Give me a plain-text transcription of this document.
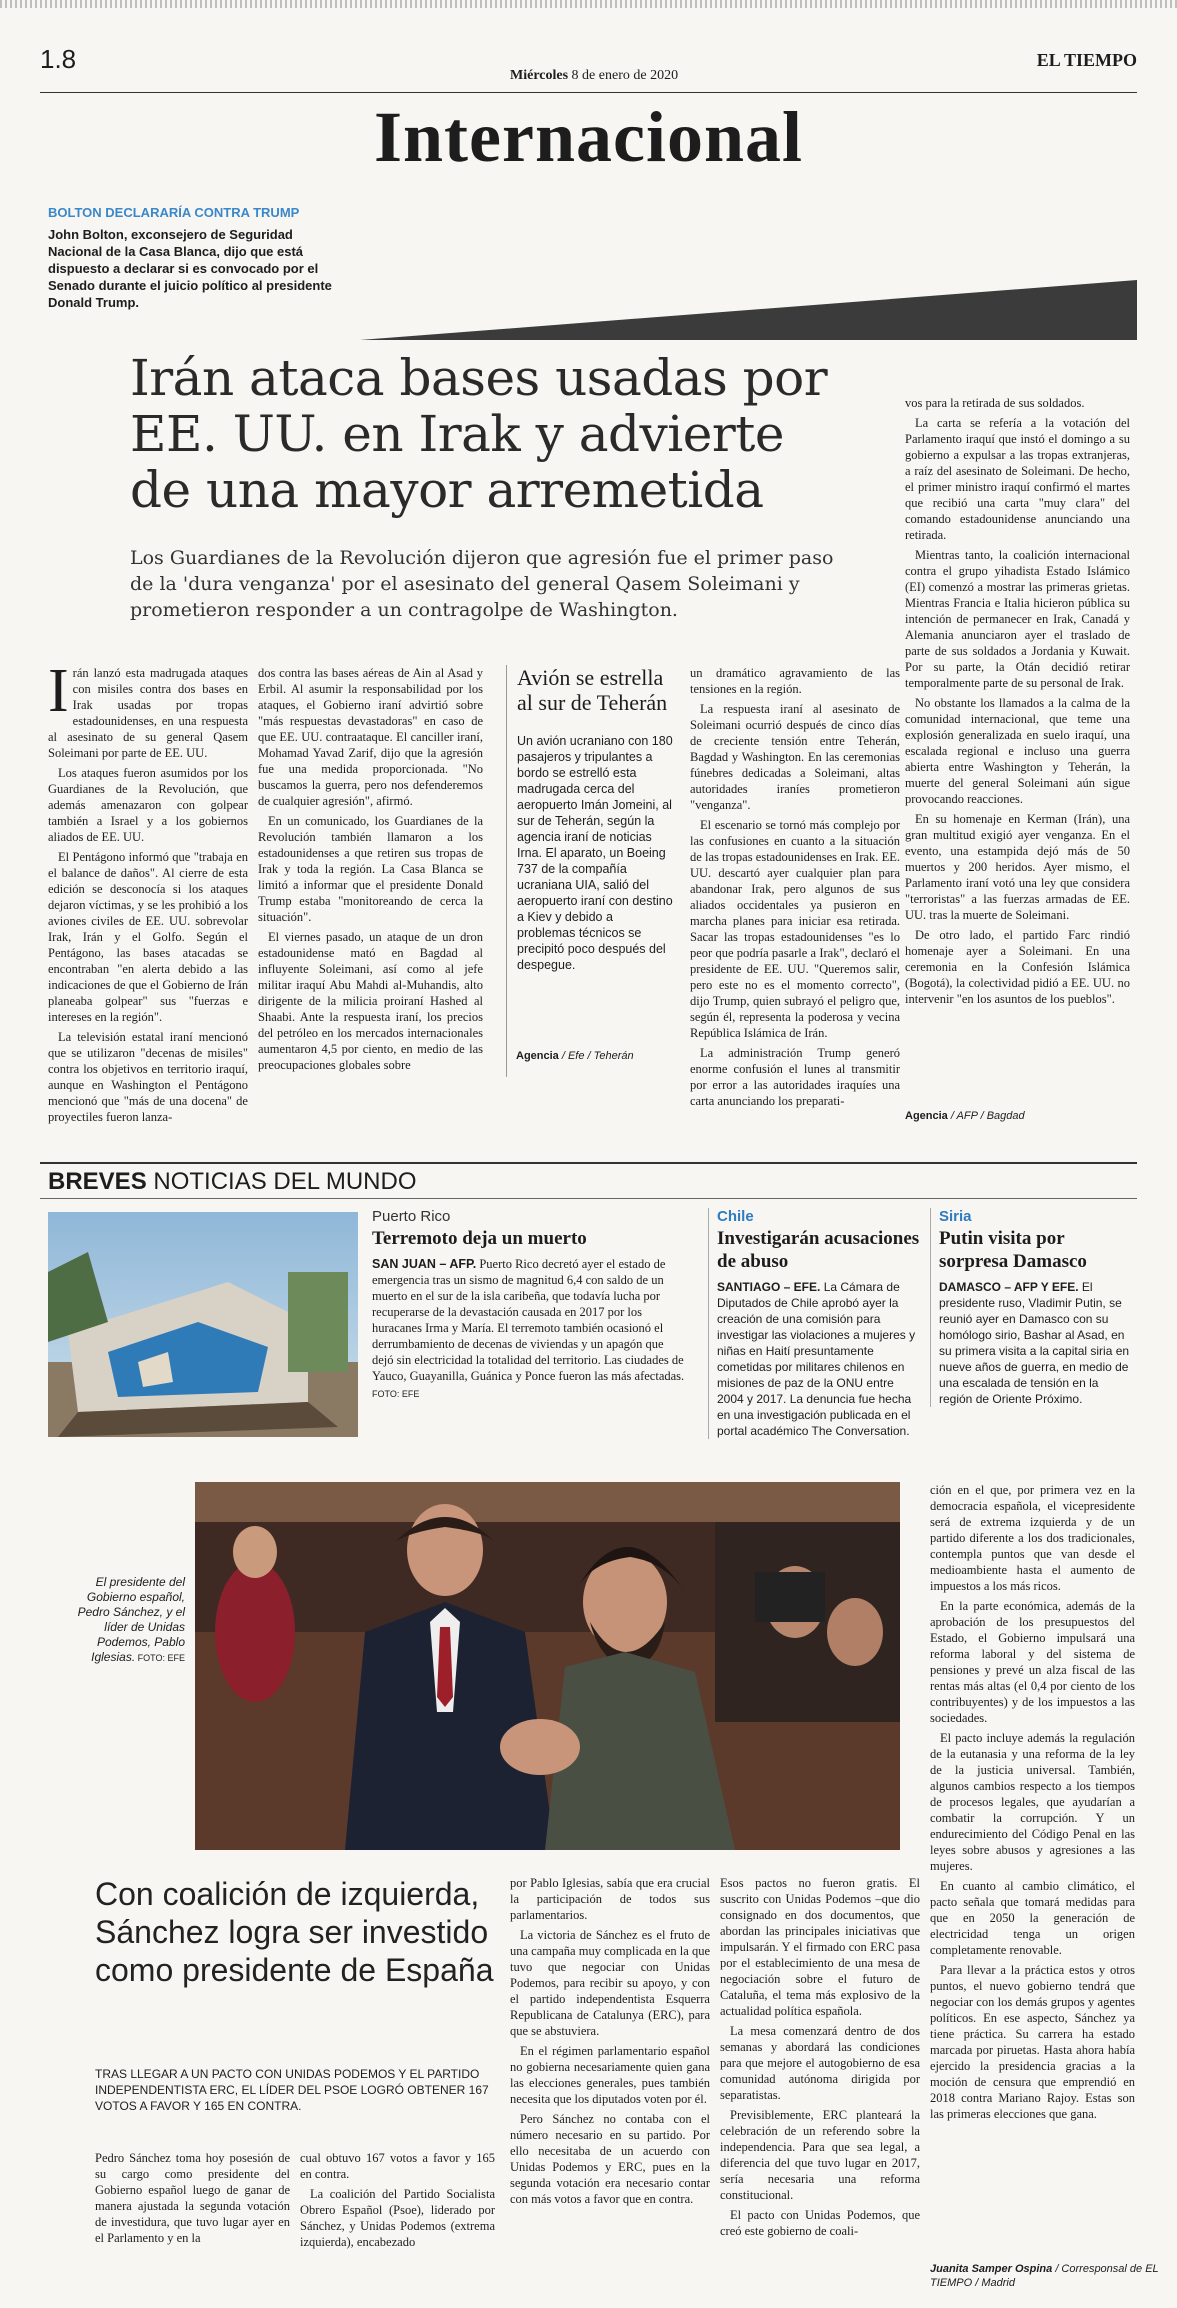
1.8
Miércoles 8 de enero de 2020
EL TIEMPO
Internacional
BOLTON DECLARARÍA CONTRA TRUMP
John Bolton, exconsejero de Seguridad Nacional de la Casa Blanca, dijo que está dispuesto a declarar si es convocado por el Senado durante el juicio político al presidente Donald Trump.
Irán ataca bases usadas por EE. UU. en Irak y advierte de una mayor arremetida
Los Guardianes de la Revolución dijeron que agresión fue el primer paso de la 'dura venganza' por el asesinato del general Qasem Soleimani y prometieron responder a un contragolpe de Washington.

Irán lanzó esta madrugada ataques con misiles contra dos bases en Irak usadas por tropas estadounidenses, en una respuesta al asesinato de su general Qasem Soleimani por parte de EE. UU.

Los ataques fueron asumidos por los Guardianes de la Revolución, que además amenazaron con golpear también a Israel y a los gobiernos aliados de EE. UU.

El Pentágono informó que "trabaja en el balance de daños". Al cierre de esta edición se desconocía si los ataques dejaron víctimas, y se les prohibió a los aviones civiles de EE. UU. sobrevolar Irak, Irán y el Golfo. Según el Pentágono, las bases atacadas se encontraban "en alerta debido a las indicaciones de que el Gobierno de Irán planeaba golpear" sus "fuerzas e intereses en la región".

La televisión estatal iraní mencionó que se utilizaron "decenas de misiles" contra los objetivos en territorio iraquí, aunque en Washington el Pentágono mencionó que "más de una docena" de proyectiles fueron lanza-

dos contra las bases aéreas de Ain al Asad y Erbil. Al asumir la responsabilidad por los ataques, el Gobierno iraní advirtió sobre "más respuestas devastadoras" en caso de que EE. UU. contraataque. El canciller iraní, Mohamad Yavad Zarif, dijo que la agresión fue una medida proporcionada. "No buscamos la guerra, pero nos defenderemos de cualquier agresión", afirmó.

En un comunicado, los Guardianes de la Revolución también llamaron a los estadounidenses a que retiren sus tropas de Irak y toda la región. La Casa Blanca se limitó a informar que el presidente Donald Trump estaba "monitoreando de cerca la situación".

El viernes pasado, un ataque de un dron estadounidense mató en Bagdad al influyente Soleimani, así como al jefe militar iraquí Abu Mahdi al-Muhandis, alto dirigente de la milicia proiraní Hashed al Shaabi. Ante la respuesta iraní, los precios del petróleo en los mercados internacionales aumentaron 4,5 por ciento, en medio de las preocupaciones globales sobre

Avión se estrella al sur de Teherán
Un avión ucraniano con 180 pasajeros y tripulantes a bordo se estrelló esta madrugada cerca del aeropuerto Imán Jomeini, al sur de Teherán, según la agencia iraní de noticias Irna. El aparato, un Boeing 737 de la compañía ucraniana UIA, salió del aeropuerto iraní con destino a Kiev y debido a problemas técnicos se precipitó poco después del despegue.
Agencia / Efe / Teherán

un dramático agravamiento de las tensiones en la región.

La respuesta iraní al asesinato de Soleimani ocurrió después de cinco días de creciente tensión entre Teherán, Bagdad y Washington. En las ceremonias fúnebres dedicadas a Soleimani, altas autoridades iraníes prometieron "venganza".

El escenario se tornó más complejo por las confusiones en cuanto a la situación de las tropas estadounidenses en Irak. EE. UU. descartó ayer cualquier plan para abandonar Irak, pero algunos de sus aliados occidentales ya pusieron en marcha planes para iniciar esa retirada. Sacar las tropas estadounidenses "es lo peor que podría pasarle a Irak", declaró el presidente de EE. UU. "Queremos salir, pero este no es el momento correcto", dijo Trump, quien subrayó el peligro que, según él, representa la poderosa y vecina República Islámica de Irán.

La administración Trump generó enorme confusión el lunes al transmitir por error a las autoridades iraquíes una carta anunciando los preparati-

vos para la retirada de sus soldados.

La carta se refería a la votación del Parlamento iraquí que instó el domingo a su gobierno a expulsar a las tropas extranjeras, a raíz del asesinato de Soleimani. De hecho, el primer ministro iraquí confirmó el martes que recibió una carta "muy clara" del comando estadounidense anunciando una retirada.

Mientras tanto, la coalición internacional contra el grupo yihadista Estado Islámico (EI) comenzó a mostrar las primeras grietas. Mientras Francia e Italia hicieron pública su intención de permanecer en Irak, Canadá y Alemania anunciaron ayer el traslado de parte de sus soldados a Jordania y Kuwait. Por su parte, la Otán decidió retirar temporalmente parte de su personal de Irak.

No obstante los llamados a la calma de la comunidad internacional, que teme una explosión generalizada en suelo iraquí, una escalada regional e incluso una guerra abierta entre Washington y Teherán, la muerte del general Soleimani aún sigue provocando reacciones.

En su homenaje en Kerman (Irán), una gran multitud exigió ayer venganza. En el evento, una estampida dejó más de 50 muertos y 200 heridos. Ayer mismo, el Parlamento iraní votó una ley que considera "terroristas" a las fuerzas armadas de EE. UU. tras la muerte de Soleimani.

De otro lado, el partido Farc rindió homenaje ayer a Soleimani. En una ceremonia en la Confesión Islámica (Bogotá), la colectividad pidió a EE. UU. no intervenir "en los asuntos de los pueblos".

Agencia / AFP / Bagdad
BREVES NOTICIAS DEL MUNDO
Puerto Rico
Terremoto deja un muerto
SAN JUAN – AFP. Puerto Rico decretó ayer el estado de emergencia tras un sismo de magnitud 6,4 con saldo de un muerto en el sur de la isla caribeña, que todavía lucha por recuperarse de la devastación causada en 2017 por los huracanes Irma y María. El terremoto también ocasionó el derrumbamiento de decenas de viviendas y un apagón que dejó sin electricidad la totalidad del territorio. Las ciudades de Yauco, Guayanilla, Guánica y Ponce fueron las más afectadas. FOTO: EFE
Chile
Investigarán acusaciones de abuso
SANTIAGO – EFE. La Cámara de Diputados de Chile aprobó ayer la creación de una comisión para investigar las violaciones a mujeres y niñas en Haití presuntamente cometidas por militares chilenos en misiones de paz de la ONU entre 2004 y 2017. La denuncia fue hecha en una investigación publicada en el portal académico The Conversation.
Siria
Putin visita por sorpresa Damasco
DAMASCO – AFP Y EFE. El presidente ruso, Vladimir Putin, se reunió ayer en Damasco con su homólogo sirio, Bashar al Asad, en su primera visita a la capital siria en nueve años de guerra, en medio de una escalada de tensión en la región de Oriente Próximo.
El presidente del Gobierno español, Pedro Sánchez, y el líder de Unidas Podemos, Pablo Iglesias. FOTO: EFE
Con coalición de izquierda, Sánchez logra ser investido como presidente de España
TRAS LLEGAR A UN PACTO CON UNIDAS PODEMOS Y EL PARTIDO INDEPENDENTISTA ERC, EL LÍDER DEL PSOE LOGRÓ OBTENER 167 VOTOS A FAVOR Y 165 EN CONTRA.

Pedro Sánchez toma hoy posesión de su cargo como presidente del Gobierno español luego de ganar de manera ajustada la segunda votación de investidura, que tuvo lugar ayer en el Parlamento y en la

cual obtuvo 167 votos a favor y 165 en contra.

La coalición del Partido Socialista Obrero Español (Psoe), liderado por Sánchez, y Unidas Podemos (extrema izquierda), encabezado

por Pablo Iglesias, sabía que era crucial la participación de todos sus parlamentarios.

La victoria de Sánchez es el fruto de una campaña muy complicada en la que tuvo que negociar con Unidas Podemos, para recibir su apoyo, y con el partido independentista Esquerra Republicana de Catalunya (ERC), para que se abstuviera.

En el régimen parlamentario español no gobierna necesariamente quien gana las elecciones generales, pues también necesita que los diputados voten por él.

Pero Sánchez no contaba con el número necesario en su partido. Por ello necesitaba de un acuerdo con Unidas Podemos y ERC, pues en la segunda votación era necesario contar con más votos a favor que en contra.

Esos pactos no fueron gratis. El suscrito con Unidas Podemos –que dio consignado en dos documentos, que abordan las principales iniciativas que impulsarán. Y el firmado con ERC pasa por el establecimiento de una mesa de negociación sobre el futuro de Cataluña, el tema más explosivo de la actualidad política española.

La mesa comenzará dentro de dos semanas y abordará las condiciones para que mejore el autogobierno de esa comunidad autónoma dirigida por separatistas.

Previsiblemente, ERC planteará la celebración de un referendo sobre la independencia. Para que sea legal, a diferencia del que tuvo lugar en 2017, sería necesaria una reforma constitucional.

El pacto con Unidas Podemos, que creó este gobierno de coali-

ción en el que, por primera vez en la democracia española, el vicepresidente será de extrema izquierda y de un partido diferente a los dos tradicionales, contempla puntos que van desde el medioambiente hasta el aumento de impuestos a los más ricos.

En la parte económica, además de la aprobación de los presupuestos del Estado, el Gobierno impulsará una reforma laboral y del sistema de pensiones y prevé un alza fiscal de las rentas más altas (el 0,4 por ciento de los contribuyentes) y de los impuestos a las sociedades.

El pacto incluye además la regulación de la eutanasia y una reforma de la ley de la justicia universal. También, algunos cambios respecto a los tiempos de procesos legales, que ayudarían a combatir la corrupción. Y un endurecimiento del Código Penal en las leyes sobre abusos y agresiones a las mujeres.

En cuanto al cambio climático, el pacto señala que tomará medidas para que en 2050 la generación de electricidad tenga un origen completamente renovable.

Para llevar a la práctica estos y otros puntos, el nuevo gobierno tendrá que negociar con los demás grupos y agentes políticos. En ese aspecto, Sánchez ya tiene práctica. Su carrera ha estado marcada por piruetas. Hasta ahora había ejercido la presidencia gracias a la moción de censura que emprendió en 2018 contra Mariano Rajoy. Estas son las primeras elecciones que gana.

Juanita Samper Ospina / Corresponsal de EL TIEMPO / Madrid
